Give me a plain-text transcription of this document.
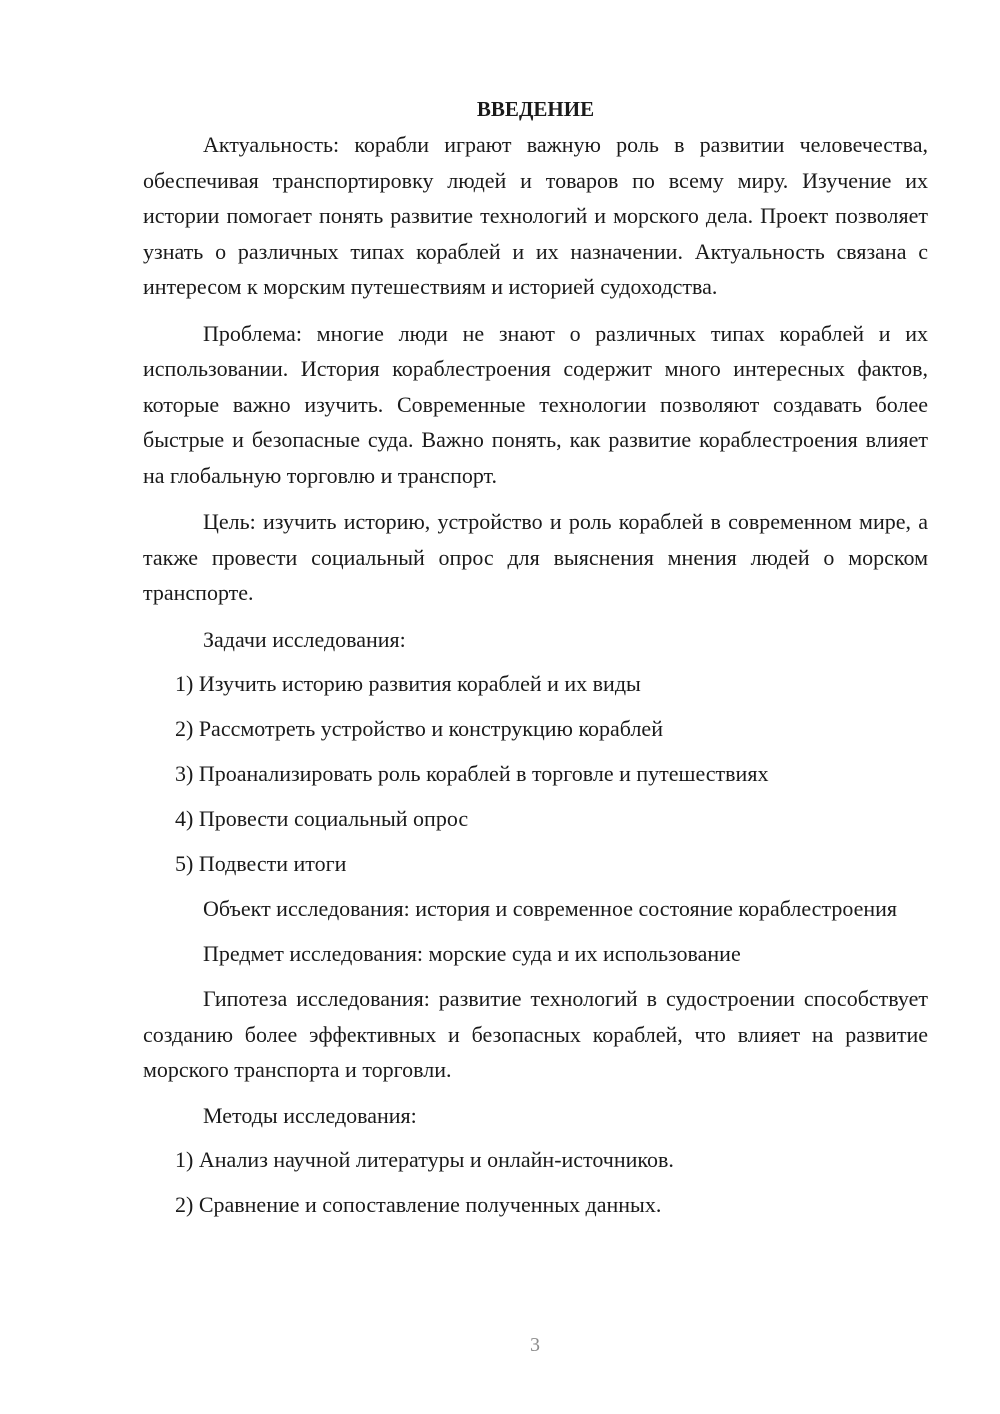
ВВЕДЕНИЕ

Актуальность: корабли играют важную роль в развитии человечества, обеспечивая транспортировку людей и товаров по всему миру. Изучение их истории помогает понять развитие технологий и морского дела. Проект позволяет узнать о различных типах кораблей и их назначении. Актуальность связана с интересом к морским путешествиям и историей судоходства.

Проблема: многие люди не знают о различных типах кораблей и их использовании. История кораблестроения содержит много интересных фактов, которые важно изучить. Современные технологии позволяют создавать более быстрые и безопасные суда. Важно понять, как развитие кораблестроения влияет на глобальную торговлю и транспорт.

Цель: изучить историю, устройство и роль кораблей в современном мире, а также провести социальный опрос для выяснения мнения людей о морском транспорте.

Задачи исследования:

1) Изучить историю развития кораблей и их виды
2) Рассмотреть устройство и конструкцию кораблей
3) Проанализировать роль кораблей в торговле и путешествиях
4) Провести социальный опрос
5) Подвести итоги

Объект исследования: история и современное состояние кораблестроения

Предмет исследования: морские суда и их использование

Гипотеза исследования: развитие технологий в судостроении способствует созданию более эффективных и безопасных кораблей, что влияет на развитие морского транспорта и торговли.

Методы исследования:

1) Анализ научной литературы и онлайн-источников.
2) Сравнение и сопоставление полученных данных.
3
